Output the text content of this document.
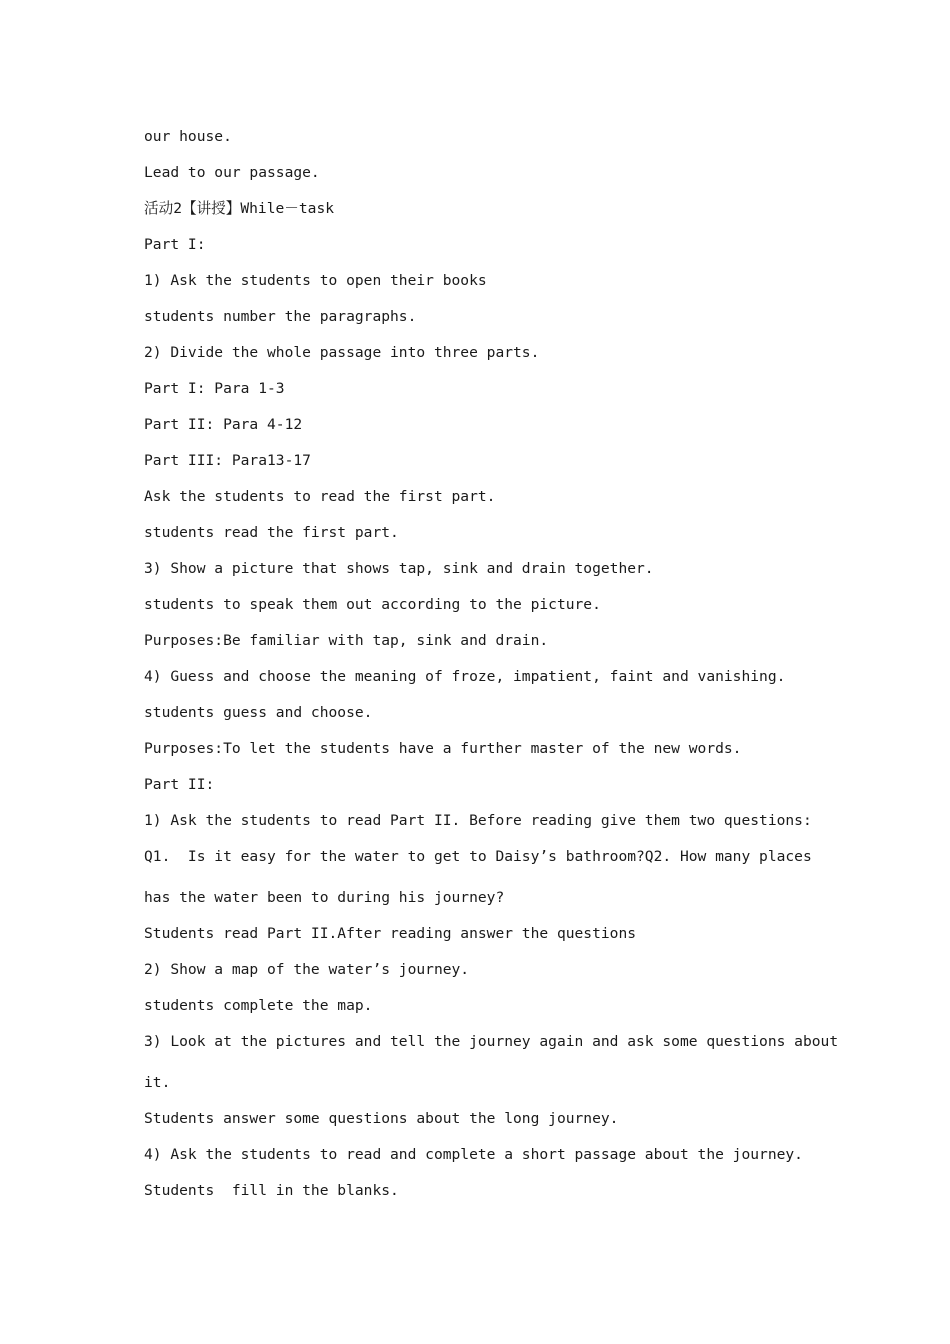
our house.

Lead to our passage.

活动2【讲授】While－task

Part I:

1) Ask the students to open their books

students number the paragraphs.

2) Divide the whole passage into three parts.

Part I: Para 1-3

Part II: Para 4-12

Part III: Para13-17

Ask the students to read the first part.

students read the first part.

3) Show a picture that shows tap, sink and drain together.

students to speak them out according to the picture.

Purposes:Be familiar with tap, sink and drain.

4) Guess and choose the meaning of froze, impatient, faint and vanishing.

students guess and choose.

Purposes:To let the students have a further master of the new words.

Part II:

1) Ask the students to read Part II. Before reading give them two questions:

Q1.  Is it easy for the water to get to Daisy’s bathroom?Q2. How many places

has the water been to during his journey?

Students read Part II.After reading answer the questions

2) Show a map of the water’s journey.

students complete the map.

3) Look at the pictures and tell the journey again and ask some questions about

it.

Students answer some questions about the long journey.

4) Ask the students to read and complete a short passage about the journey.

Students  fill in the blanks.
